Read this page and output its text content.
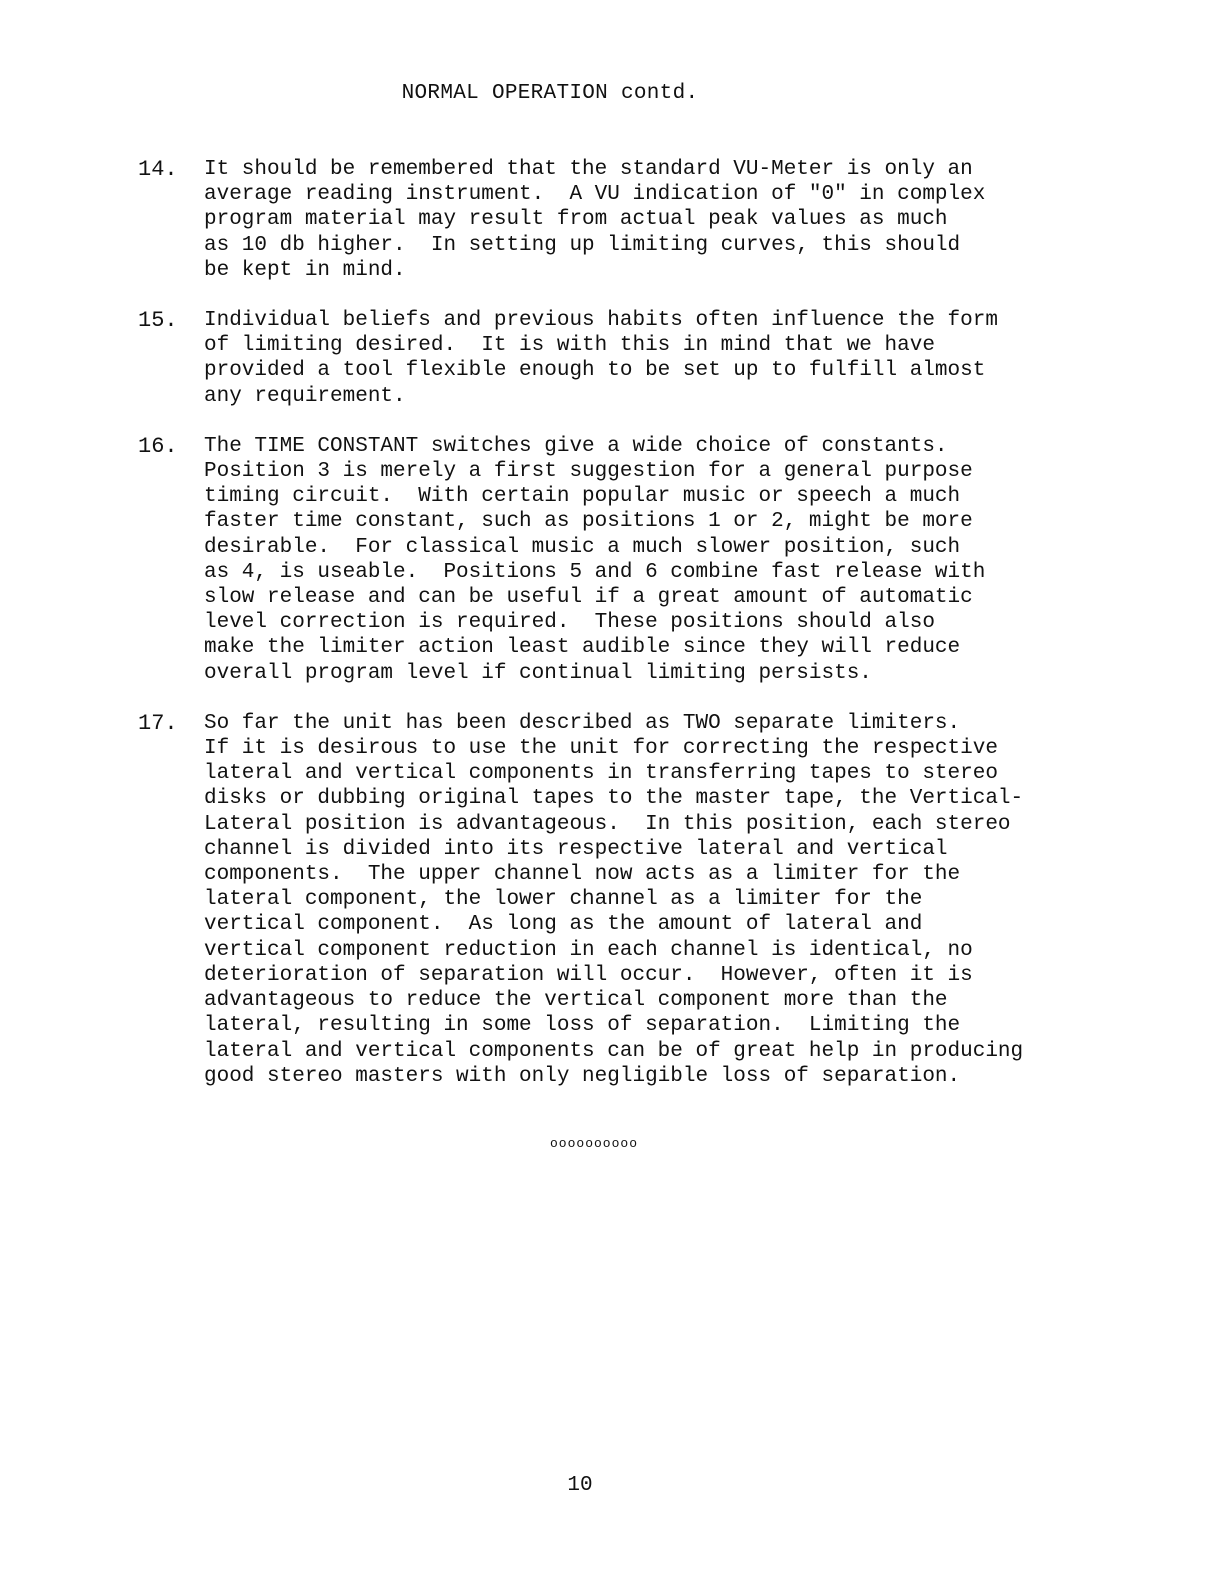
NORMAL OPERATION contd.
14.	It should be remembered that the standard VU-Meter is only an
average reading instrument.  A VU indication of "0" in complex
program material may result from actual peak values as much
as 10 db higher.  In setting up limiting curves, this should
be kept in mind.
15.	Individual beliefs and previous habits often influence the form
of limiting desired.  It is with this in mind that we have
provided a tool flexible enough to be set up to fulfill almost
any requirement.
16.	The TIME CONSTANT switches give a wide choice of constants.
Position 3 is merely a first suggestion for a general purpose
timing circuit.  With certain popular music or speech a much
faster time constant, such as positions 1 or 2, might be more
desirable.  For classical music a much slower position, such
as 4, is useable.  Positions 5 and 6 combine fast release with
slow release and can be useful if a great amount of automatic
level correction is required.  These positions should also
make the limiter action least audible since they will reduce
overall program level if continual limiting persists.
17.	So far the unit has been described as TWO separate limiters.
If it is desirous to use the unit for correcting the respective
lateral and vertical components in transferring tapes to stereo
disks or dubbing original tapes to the master tape, the Vertical-
Lateral position is advantageous.  In this position, each stereo
channel is divided into its respective lateral and vertical
components.  The upper channel now acts as a limiter for the
lateral component, the lower channel as a limiter for the
vertical component.  As long as the amount of lateral and
vertical component reduction in each channel is identical, no
deterioration of separation will occur.  However, often it is
advantageous to reduce the vertical component more than the
lateral, resulting in some loss of separation.  Limiting the
lateral and vertical components can be of great help in producing
good stereo masters with only negligible loss of separation.
oooooooooo
10
